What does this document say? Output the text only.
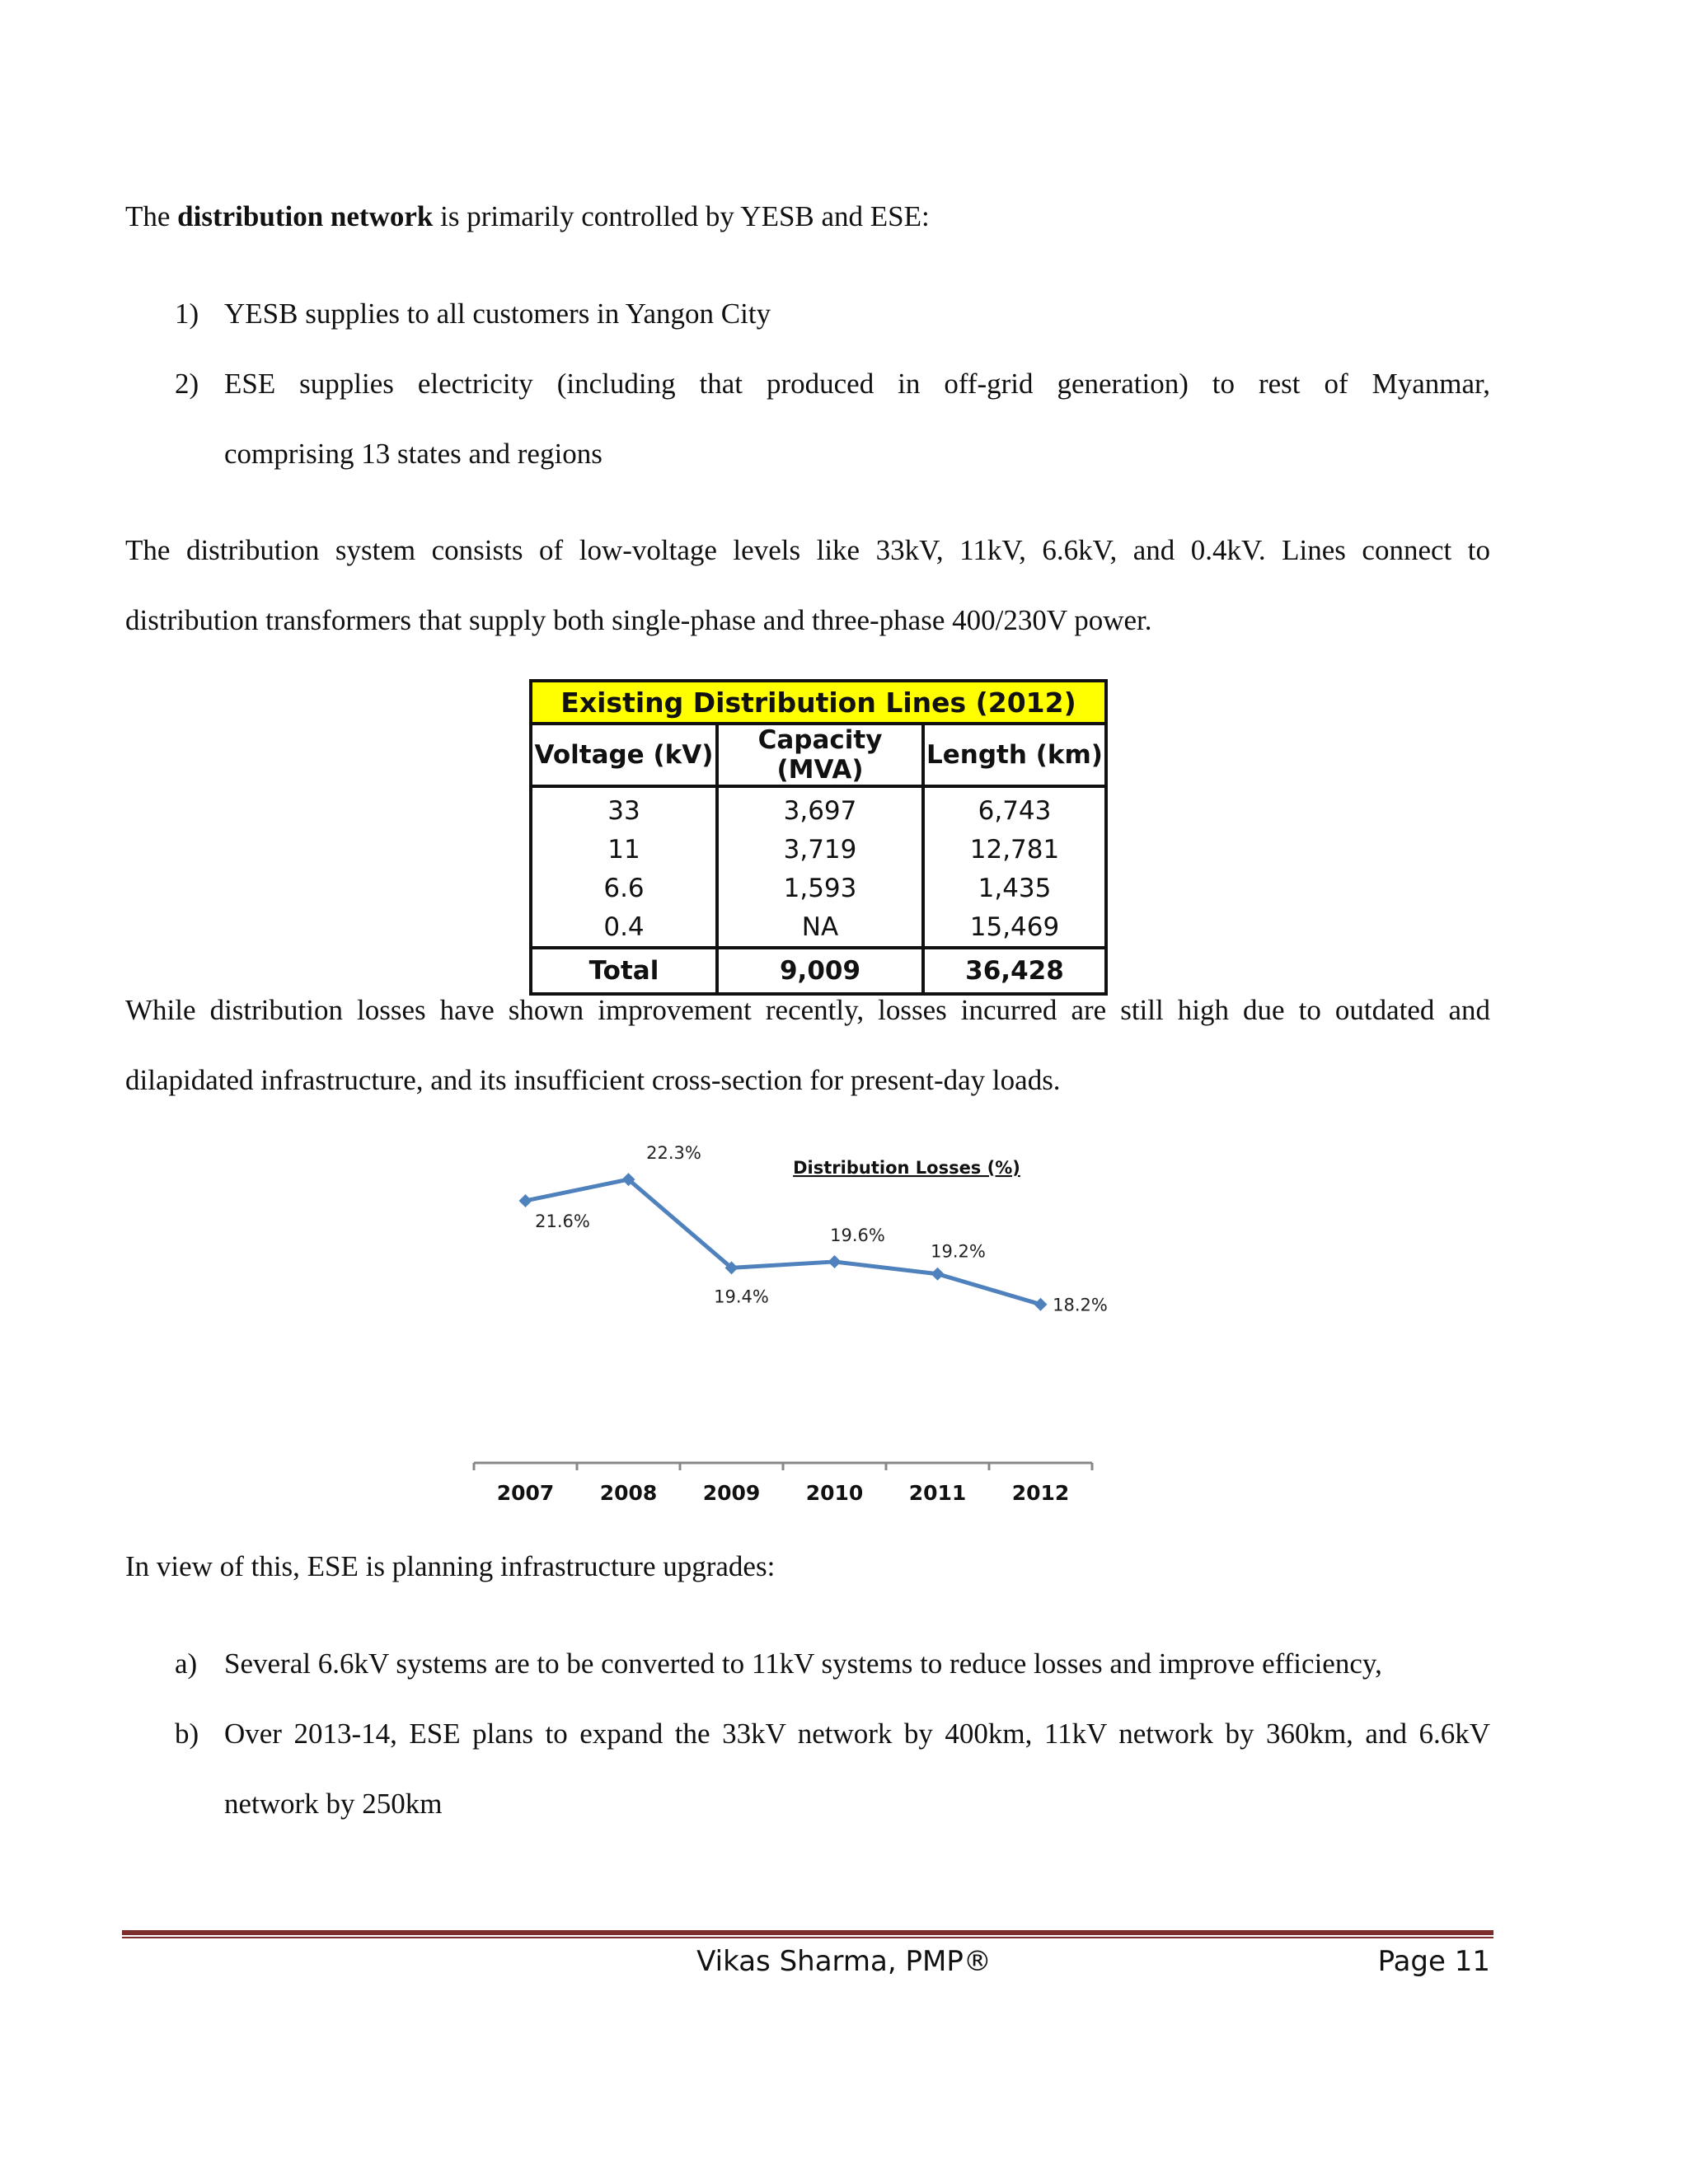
The distribution network is primarily controlled by YESB and ESE:

1) YESB supplies to all customers in Yangon City
2) ESE supplies electricity (including that produced in off-grid generation) to rest of Myanmar,
comprising 13 states and regions
The distribution system consists of low-voltage levels like 33kV, 11kV, 6.6kV, and 0.4kV. Lines connect to
distribution transformers that supply both single-phase and three-phase 400/230V power.
Existing Distribution Lines (2012)		
Voltage (kV)	Capacity (MVA)	Length (km)
33	3,697	6,743
11	3,719	12,781
6.6	1,593	1,435
0.4	NA	15,469
Total	9,009	36,428
While distribution losses have shown improvement recently, losses incurred are still high due to outdated and
dilapidated infrastructure, and its insufficient cross-section for present-day loads.
Distribution Losses (%)
2007 2008 2009 2010 2011 2012
21.6%
22.3%
19.4%
19.6%
19.2%
18.2%

In view of this, ESE is planning infrastructure upgrades:

a) Several 6.6kV systems are to be converted to 11kV systems to reduce losses and improve efficiency,
b) Over 2013-14, ESE plans to expand the 33kV network by 400km, 11kV network by 360km, and 6.6kV
network by 250km
Vikas Sharma, PMP®	Page 11
